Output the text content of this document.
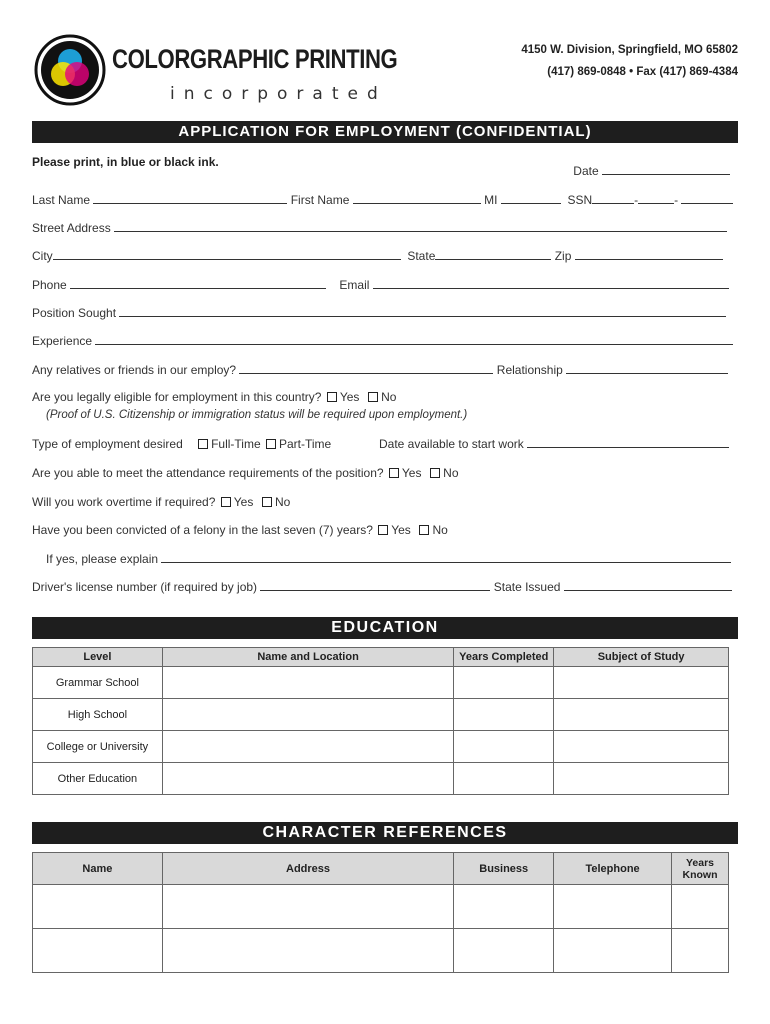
COLORGRAPHIC PRINTING
incorporated
4150 W. Division, Springfield, MO 65802
(417) 869-0848 • Fax (417) 869-4384
APPLICATION FOR EMPLOYMENT (CONFIDENTIAL)
Please print, in blue or black ink.
Date
Last Name	First Name	MI	SSN	-	-
Street Address
City	State	Zip
Phone	Email
Position Sought
Experience
Any relatives or friends in our employ?	Relationship
Are you legally eligible for employment in this country? Yes No
(Proof of U.S. Citizenship or immigration status will be required upon employment.)
Type of employment desired Full-Time Part-Time	Date available to start work
Are you able to meet the attendance requirements of the position? Yes No
Will you work overtime if required? Yes No
Have you been convicted of a felony in the last seven (7) years? Yes No
If yes, please explain
Driver's license number (if required by job)	State Issued
EDUCATION
Level	Name and Location	Years Completed	Subject of Study
Grammar School			
High School			
College or University			
Other Education			
CHARACTER REFERENCES
Name	Address	Business	Telephone	Years Known
